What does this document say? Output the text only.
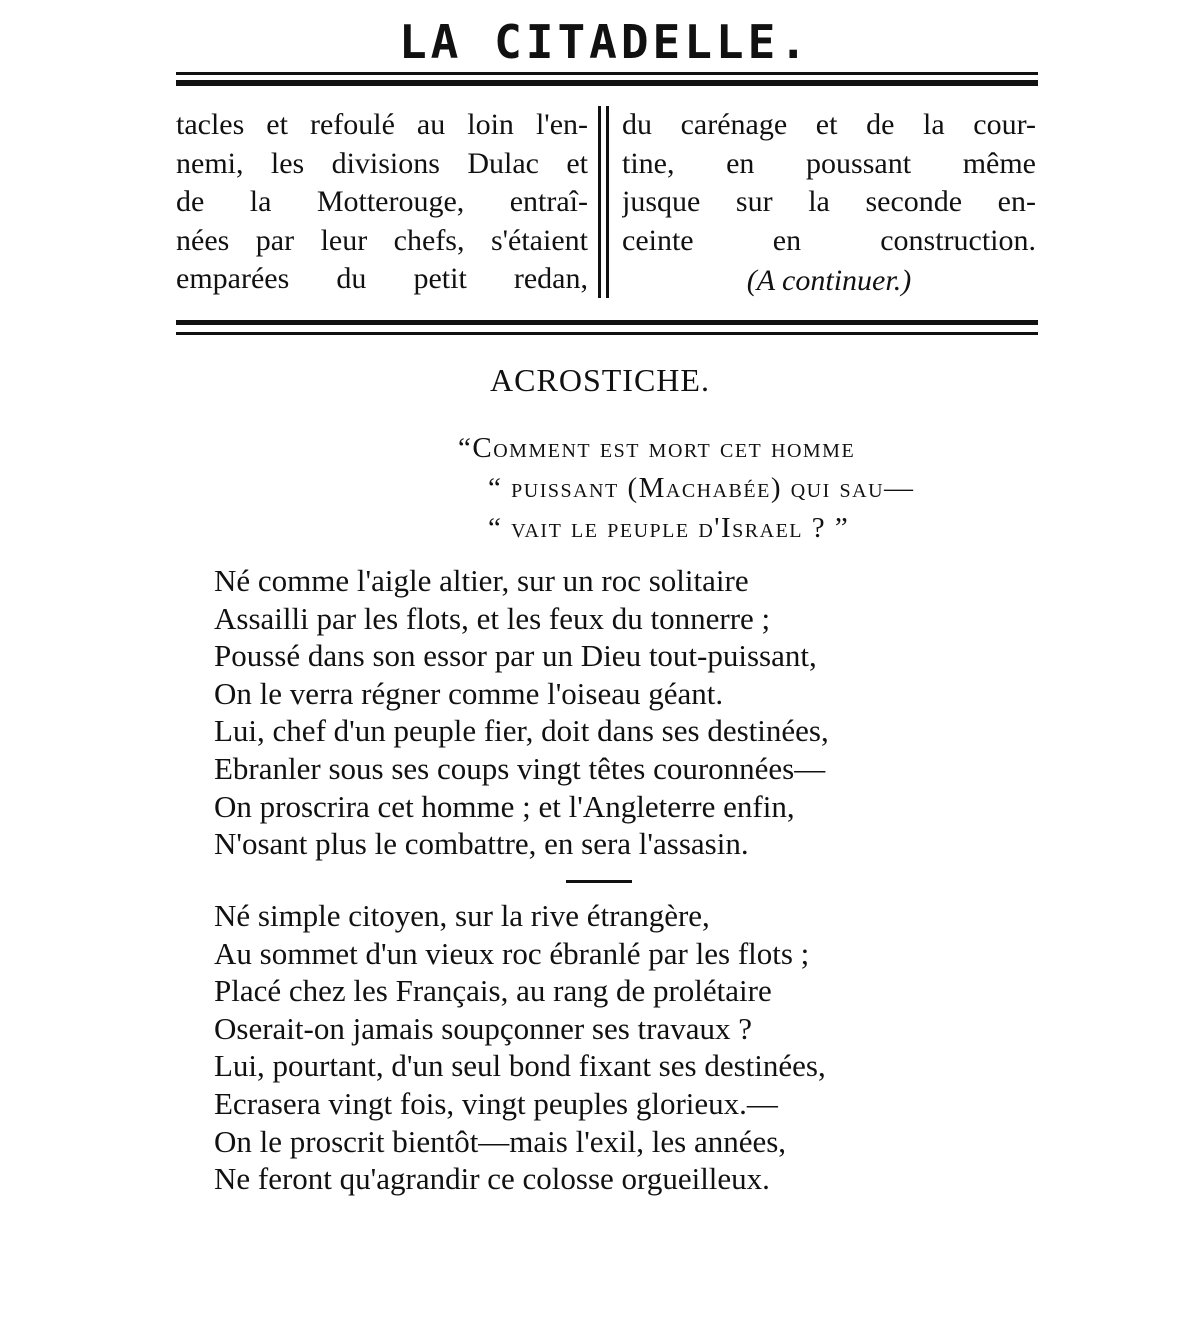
LA CITADELLE.
tacles et refoulé au loin l'en-
nemi, les divisions Dulac et
de la Motterouge, entraî-
nées par leur chefs, s'étaient
emparées du petit redan,
du carénage et de la cour-
tine, en poussant même
jusque sur la seconde en-
ceinte en construction.
(A continuer.)
ACROSTICHE.
“Comment est mort cet homme
“ puissant (Machabée) qui sau—
“ vait le peuple d'Israel ? ”
Né comme l'aigle altier, sur un roc solitaire
Assailli par les flots, et les feux du tonnerre ;
Poussé dans son essor par un Dieu tout-puissant,
On le verra régner comme l'oiseau géant.
Lui, chef d'un peuple fier, doit dans ses destinées,
Ebranler sous ses coups vingt têtes couronnées—
On proscrira cet homme ; et l'Angleterre enfin,
N'osant plus le combattre, en sera l'assasin.
Né simple citoyen, sur la rive étrangère,
Au sommet d'un vieux roc ébranlé par les flots ;
Placé chez les Français, au rang de prolétaire
Oserait-on jamais soupçonner ses travaux ?
Lui, pourtant, d'un seul bond fixant ses destinées,
Ecrasera vingt fois, vingt peuples glorieux.—
On le proscrit bientôt—mais l'exil, les années,
Ne feront qu'agrandir ce colosse orgueilleux.
